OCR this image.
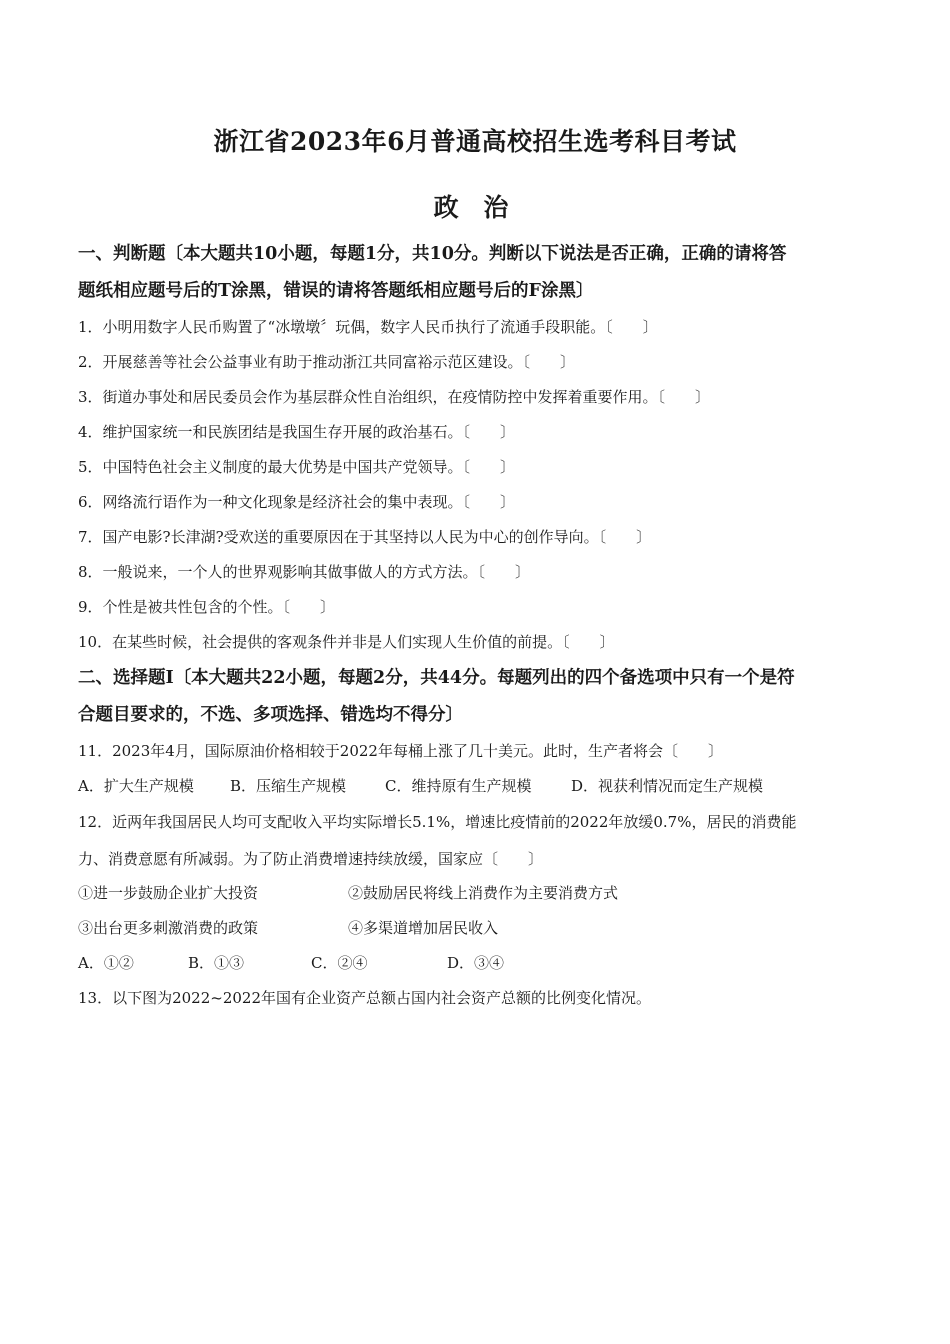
浙江省2023年6月普通高校招生选考科目考试
政 治
一、判断题〔本大题共10小题，每题1分，共10分。判断以下说法是否正确，正确的请将答
题纸相应题号后的T涂黑，错误的请将答题纸相应题号后的F涂黑〕
1．小明用数字人民币购置了“冰墩墩〞玩偶，数字人民币执行了流通手段职能。〔　　〕
2．开展慈善等社会公益事业有助于推动浙江共同富裕示范区建设。〔　　〕
3．街道办事处和居民委员会作为基层群众性自治组织，在疫情防控中发挥着重要作用。〔　　〕
4．维护国家统一和民族团结是我国生存开展的政治基石。〔　　〕
5．中国特色社会主义制度的最大优势是中国共产党领导。〔　　〕
6．网络流行语作为一种文化现象是经济社会的集中表现。〔　　〕
7．国产电影?长津湖?受欢送的重要原因在于其坚持以人民为中心的创作导向。〔　　〕
8．一般说来，一个人的世界观影响其做事做人的方式方法。〔　　〕
9．个性是被共性包含的个性。〔　　〕
10．在某些时候，社会提供的客观条件并非是人们实现人生价值的前提。〔　　〕
二、选择题I〔本大题共22小题，每题2分，共44分。每题列出的四个备选项中只有一个是符
合题目要求的，不选、多项选择、错选均不得分〕
11．2023年4月，国际原油价格相较于2022年每桶上涨了几十美元。此时，生产者将会〔　　〕
A．扩大生产规模 B．压缩生产规模	C．维持原有生产规模	D．视获利情况而定生产规模
12．近两年我国居民人均可支配收入平均实际增长5.1%，增速比疫情前的2022年放缓0.7%，居民的消费能
力、消费意愿有所减弱。为了防止消费增速持续放缓，国家应〔　　〕
①进一步鼓励企业扩大投资	②鼓励居民将线上消费作为主要消费方式
③出台更多刺激消费的政策	④多渠道增加居民收入
A．①②	B．①③	C．②④	D．③④
13．以下图为2022~2022年国有企业资产总额占国内社会资产总额的比例变化情况。
